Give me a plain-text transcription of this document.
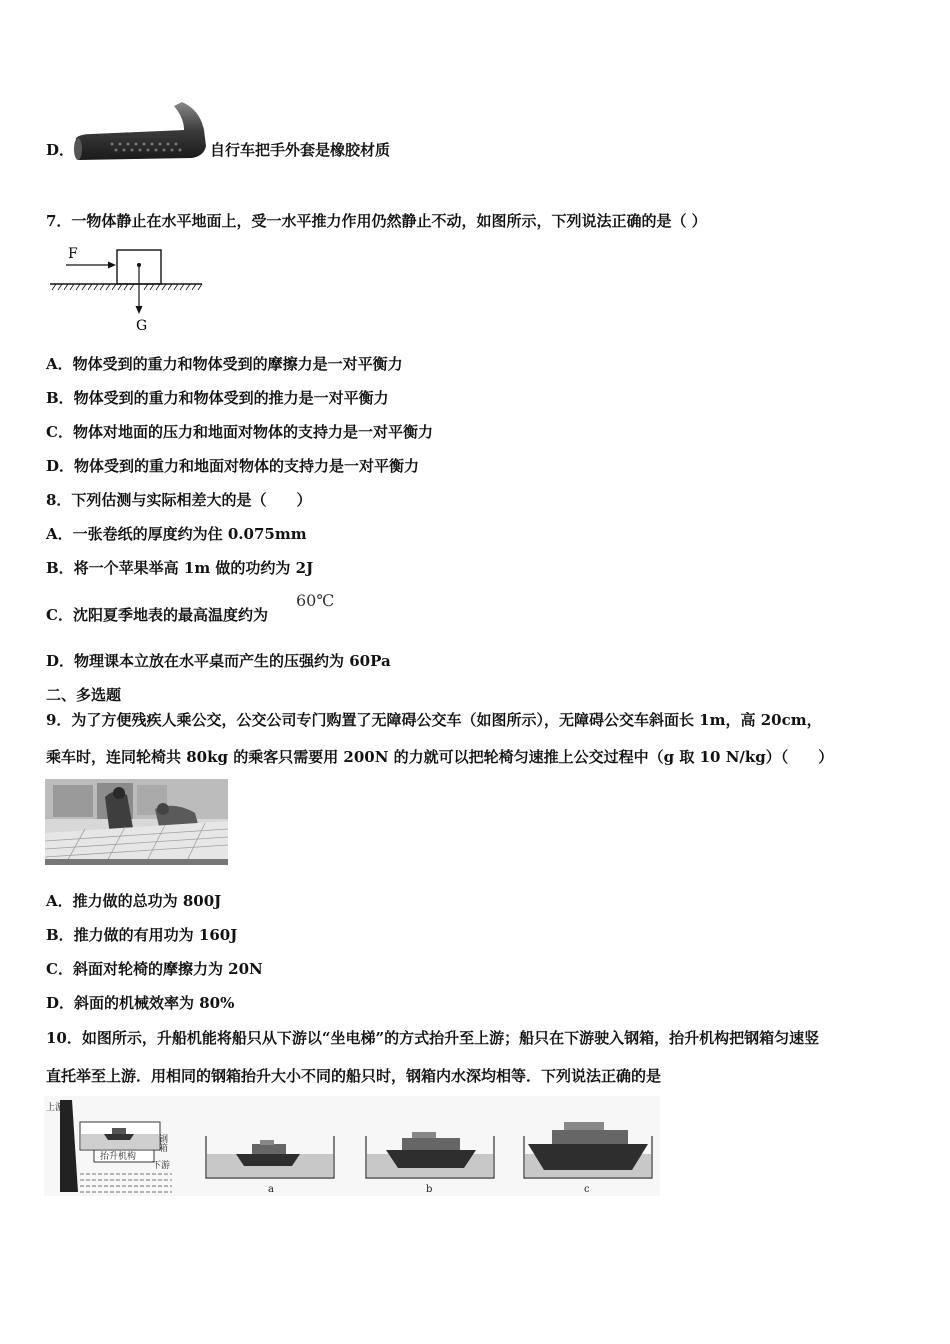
D．	自行车把手外套是橡胶材质
7．一物体静止在水平地面上，受一水平推力作用仍然静止不动，如图所示，下列说法正确的是（ ）
F
G
A．物体受到的重力和物体受到的摩擦力是一对平衡力
B．物体受到的重力和物体受到的推力是一对平衡力
C．物体对地面的压力和地面对物体的支持力是一对平衡力
D．物体受到的重力和地面对物体的支持力是一对平衡力
8．下列估测与实际相差大的是（　　）
A．一张卷纸的厚度约为住 0.075mm
B．将一个苹果举高 1m 做的功约为 2J
C．沈阳夏季地表的最高温度约为
60℃
D．物理课本立放在水平桌而产生的压强约为 60Pa
二、多选题
9．为了方便残疾人乘公交，公交公司专门购置了无障碍公交车（如图所示），无障碍公交车斜面长 1m，高 20cm，
乘车时，连同轮椅共 80kg 的乘客只需要用 200N 的力就可以把轮椅匀速推上公交过程中（g 取 10 N/kg）（　　）
A．推力做的总功为 800J
B．推力做的有用功为 160J
C．斜面对轮椅的摩擦力为 20N
D．斜面的机械效率为 80%
10．如图所示，升船机能将船只从下游以“坐电梯”的方式抬升至上游；船只在下游驶入钢箱，抬升机构把钢箱匀速竖
直托举至上游．用相同的钢箱抬升大小不同的船只时，钢箱内水深均相等．下列说法正确的是
上游
钢箱
抬升机构
下游
a	b	c
